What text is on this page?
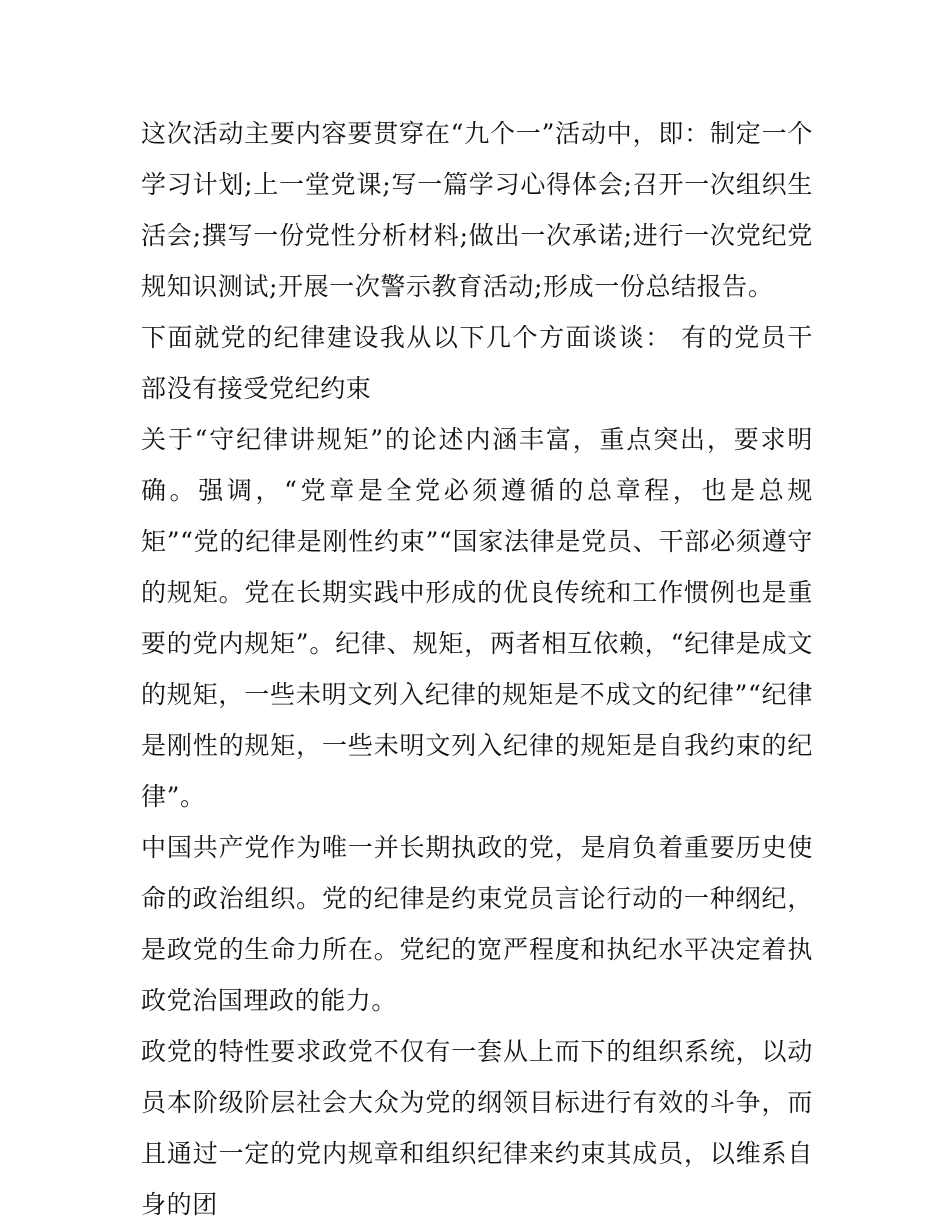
这次活动主要内容要贯穿在“九个一”活动中，即：制定一个学习计划;上一堂党课;写一篇学习心得体会;召开一次组织生活会;撰写一份党性分析材料;做出一次承诺;进行一次党纪党规知识测试;开展一次警示教育活动;形成一份总结报告。

下面就党的纪律建设我从以下几个方面谈谈： 有的党员干部没有接受党纪约束

关于“守纪律讲规矩”的论述内涵丰富，重点突出，要求明确。强调，“党章是全党必须遵循的总章程，也是总规矩”“党的纪律是刚性约束”“国家法律是党员、干部必须遵守的规矩。党在长期实践中形成的优良传统和工作惯例也是重要的党内规矩”。纪律、规矩，两者相互依赖，“纪律是成文的规矩，一些未明文列入纪律的规矩是不成文的纪律”“纪律是刚性的规矩，一些未明文列入纪律的规矩是自我约束的纪律”。

中国共产党作为唯一并长期执政的党，是肩负着重要历史使命的政治组织。党的纪律是约束党员言论行动的一种纲纪，是政党的生命力所在。党纪的宽严程度和执纪水平决定着执政党治国理政的能力。

政党的特性要求政党不仅有一套从上而下的组织系统，以动员本阶级阶层社会大众为党的纲领目标进行有效的斗争，而且通过一定的党内规章和组织纪律来约束其成员，以维系自身的团
